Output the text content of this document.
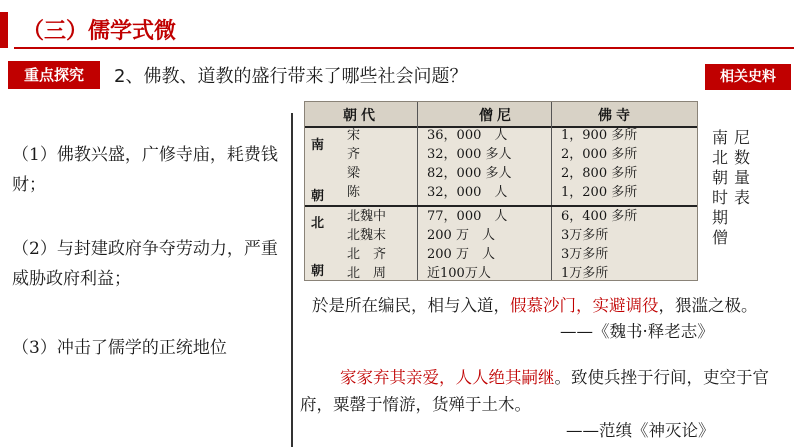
（三）儒学式微
重点探究	2、佛教、道教的盛行带来了哪些社会问题？	相关史料
（1）佛教兴盛，广修寺庙，耗费钱财；
（2）与封建政府争夺劳动力，严重威胁政府利益；
（3）冲击了儒学的正统地位
朝代	僧尼	佛寺
南
朝
北
朝
宋	36，000　人	1，900 多所
齐	32，000 多人	2，000 多所
梁	82，000 多人	2，800 多所
陈	32，000　人	1，200 多所
北魏中	77，000　人	6，400 多所
北魏末	200 万　人	3万多所
北　齐	200 万　人	3万多所
北　周	近100万人	1万多所
南北朝时期僧
尼数量表
於是所在编民，相与入道，假慕沙门，实避调役，猥滥之极。
——《魏书·释老志》
家家弃其亲爱，人人绝其嗣继。致使兵挫于行间，吏空于官府，粟罄于惰游，货殚于土木。
——范缜《神灭论》
